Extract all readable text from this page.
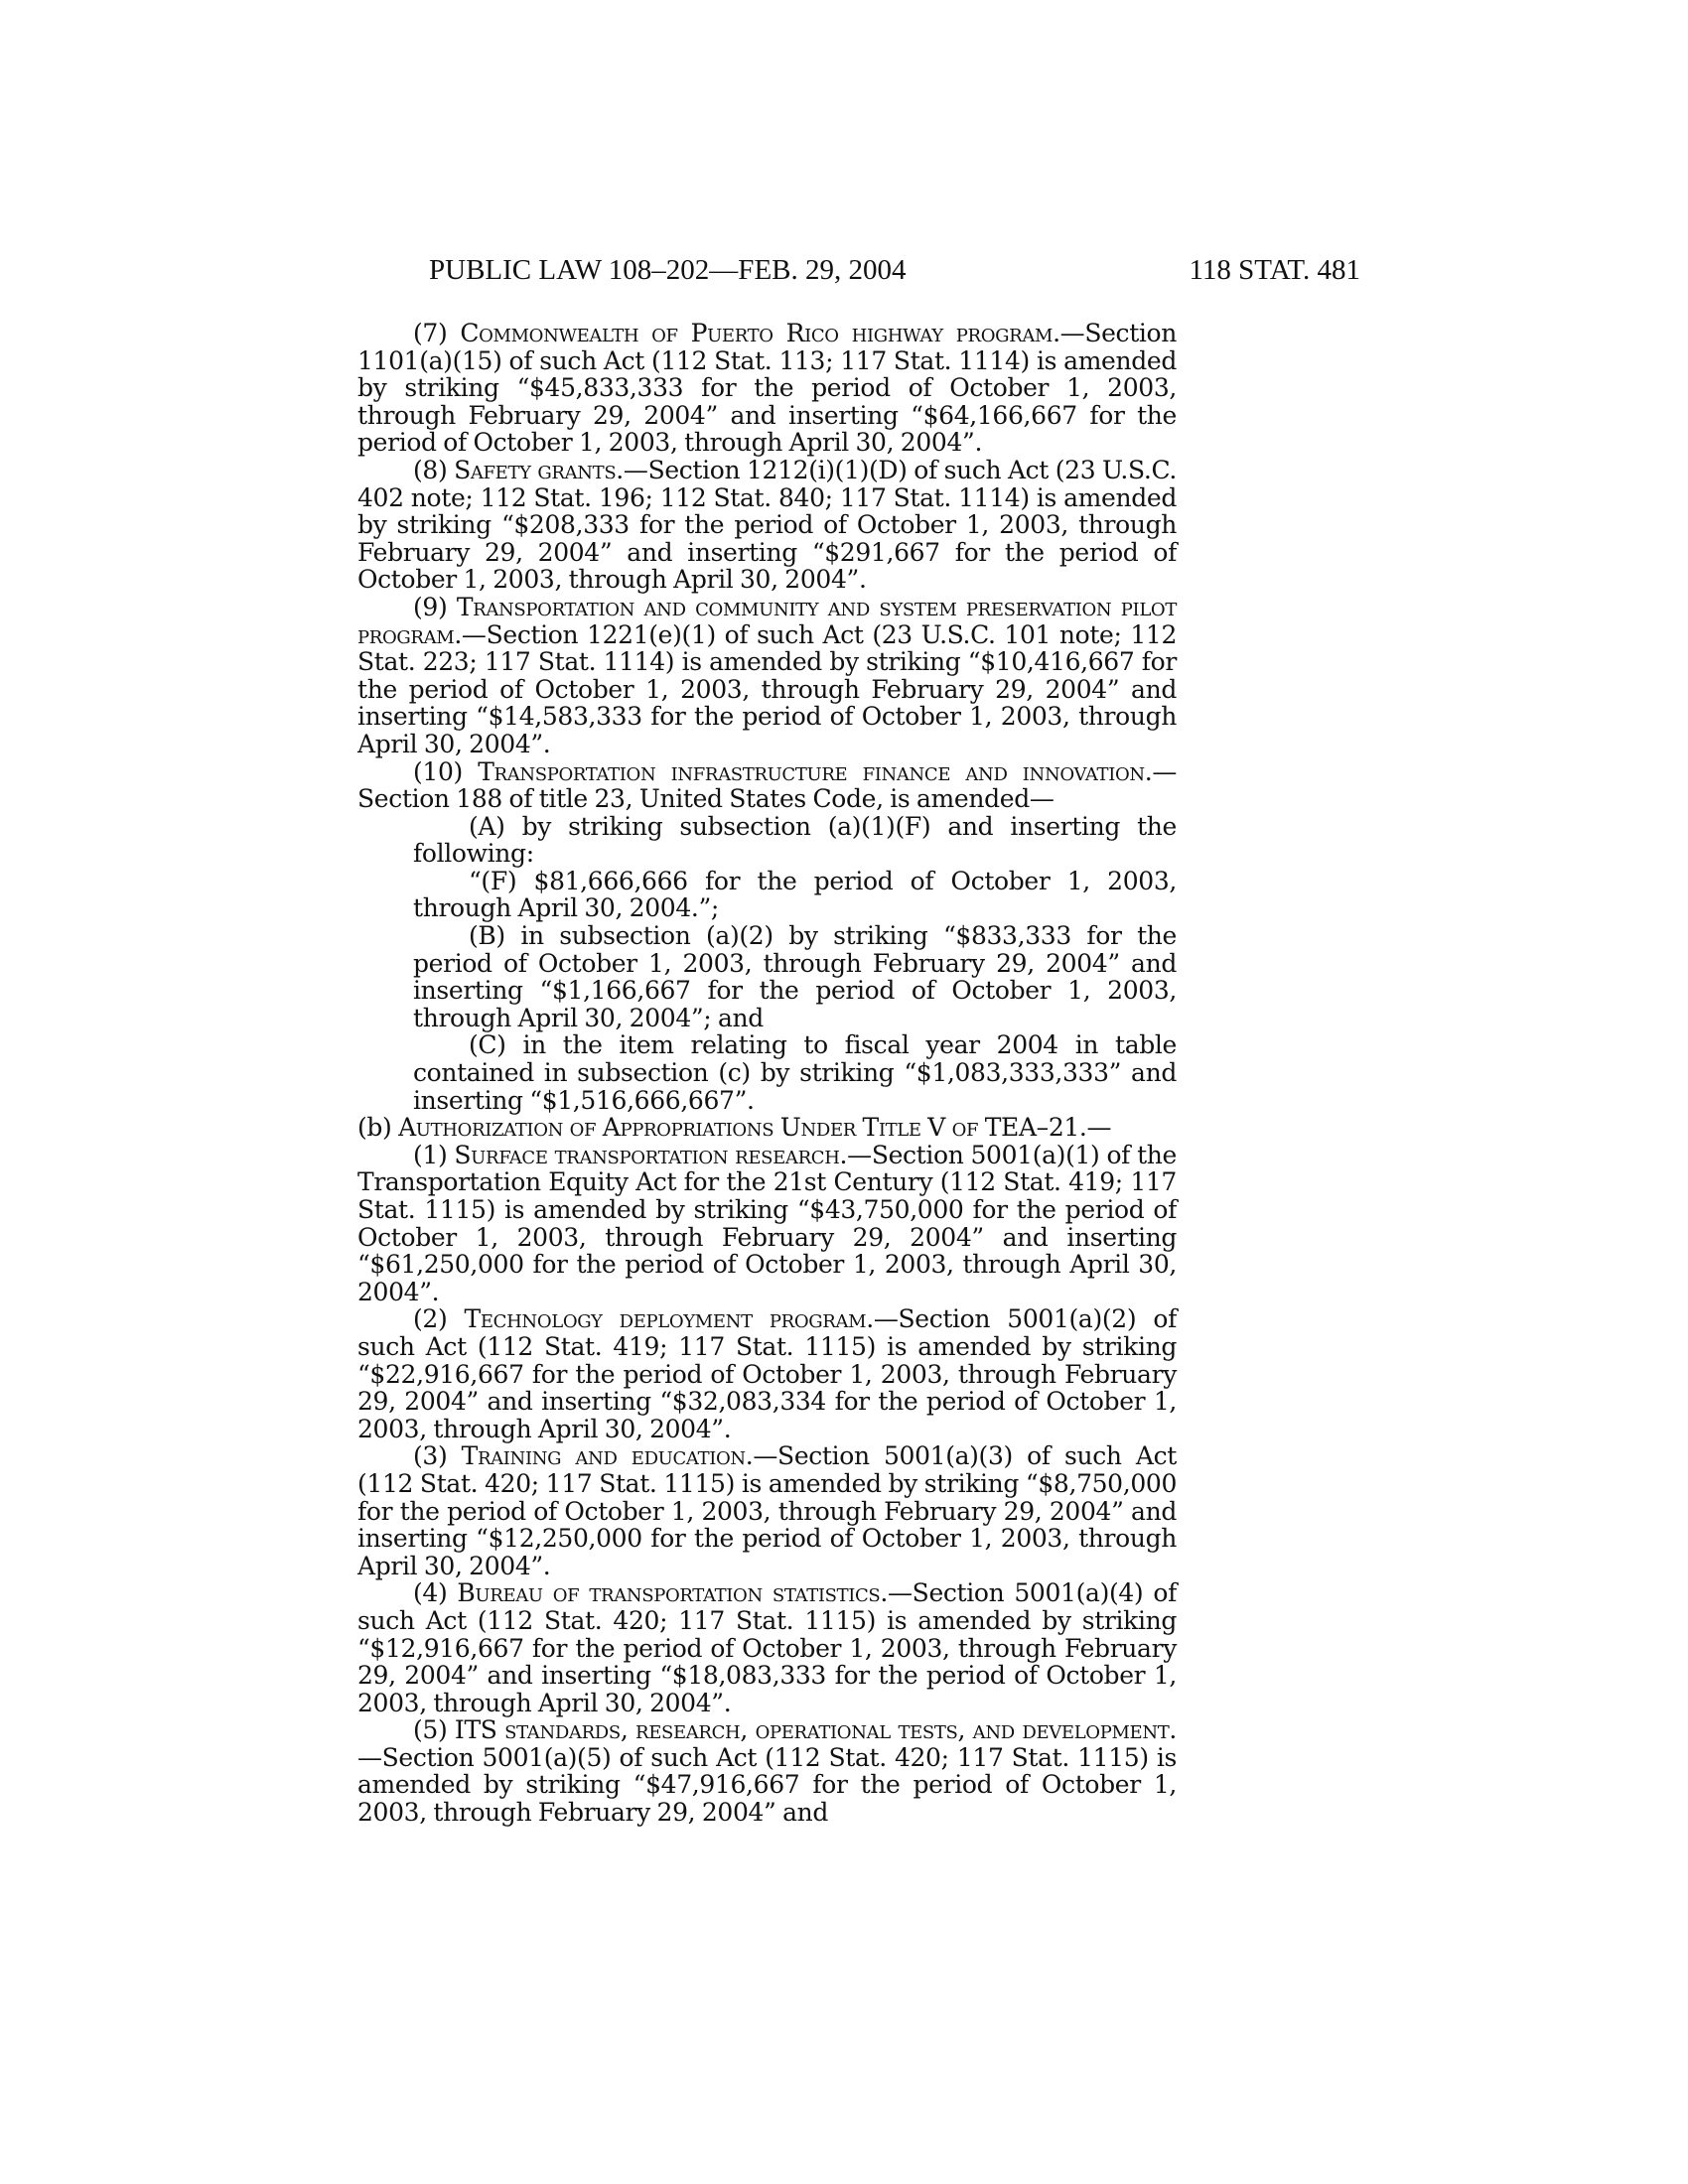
PUBLIC LAW 108–202—FEB. 29, 2004	118 STAT. 481

(7) Commonwealth of Puerto Rico highway program.—Section 1101(a)(15) of such Act (112 Stat. 113; 117 Stat. 1114) is amended by striking “$45,833,333 for the period of October 1, 2003, through February 29, 2004” and inserting “$64,166,667 for the period of October 1, 2003, through April 30, 2004”.

(8) Safety grants.—Section 1212(i)(1)(D) of such Act (23 U.S.C. 402 note; 112 Stat. 196; 112 Stat. 840; 117 Stat. 1114) is amended by striking “$208,333 for the period of October 1, 2003, through February 29, 2004” and inserting “$291,667 for the period of October 1, 2003, through April 30, 2004”.

(9) Transportation and community and system preservation pilot program.—Section 1221(e)(1) of such Act (23 U.S.C. 101 note; 112 Stat. 223; 117 Stat. 1114) is amended by striking “$10,416,667 for the period of October 1, 2003, through February 29, 2004” and inserting “$14,583,333 for the period of October 1, 2003, through April 30, 2004”.

(10) Transportation infrastructure finance and innovation.—Section 188 of title 23, United States Code, is amended—

(A) by striking subsection (a)(1)(F) and inserting the following:

“(F) $81,666,666 for the period of October 1, 2003, through April 30, 2004.”;

(B) in subsection (a)(2) by striking “$833,333 for the period of October 1, 2003, through February 29, 2004” and inserting “$1,166,667 for the period of October 1, 2003, through April 30, 2004”; and

(C) in the item relating to fiscal year 2004 in table contained in subsection (c) by striking “$1,083,333,333” and inserting “$1,516,666,667”.

(b) Authorization of Appropriations Under Title V of TEA–21.—

(1) Surface transportation research.—Section 5001(a)(1) of the Transportation Equity Act for the 21st Century (112 Stat. 419; 117 Stat. 1115) is amended by striking “$43,750,000 for the period of October 1, 2003, through February 29, 2004” and inserting “$61,250,000 for the period of October 1, 2003, through April 30, 2004”.

(2) Technology deployment program.—Section 5001(a)(2) of such Act (112 Stat. 419; 117 Stat. 1115) is amended by striking “$22,916,667 for the period of October 1, 2003, through February 29, 2004” and inserting “$32,083,334 for the period of October 1, 2003, through April 30, 2004”.

(3) Training and education.—Section 5001(a)(3) of such Act (112 Stat. 420; 117 Stat. 1115) is amended by striking “$8,750,000 for the period of October 1, 2003, through February 29, 2004” and inserting “$12,250,000 for the period of October 1, 2003, through April 30, 2004”.

(4) Bureau of transportation statistics.—Section 5001(a)(4) of such Act (112 Stat. 420; 117 Stat. 1115) is amended by striking “$12,916,667 for the period of October 1, 2003, through February 29, 2004” and inserting “$18,083,333 for the period of October 1, 2003, through April 30, 2004”.

(5) ITS standards, research, operational tests, and development.—Section 5001(a)(5) of such Act (112 Stat. 420; 117 Stat. 1115) is amended by striking “$47,916,667 for the period of October 1, 2003, through February 29, 2004” and
